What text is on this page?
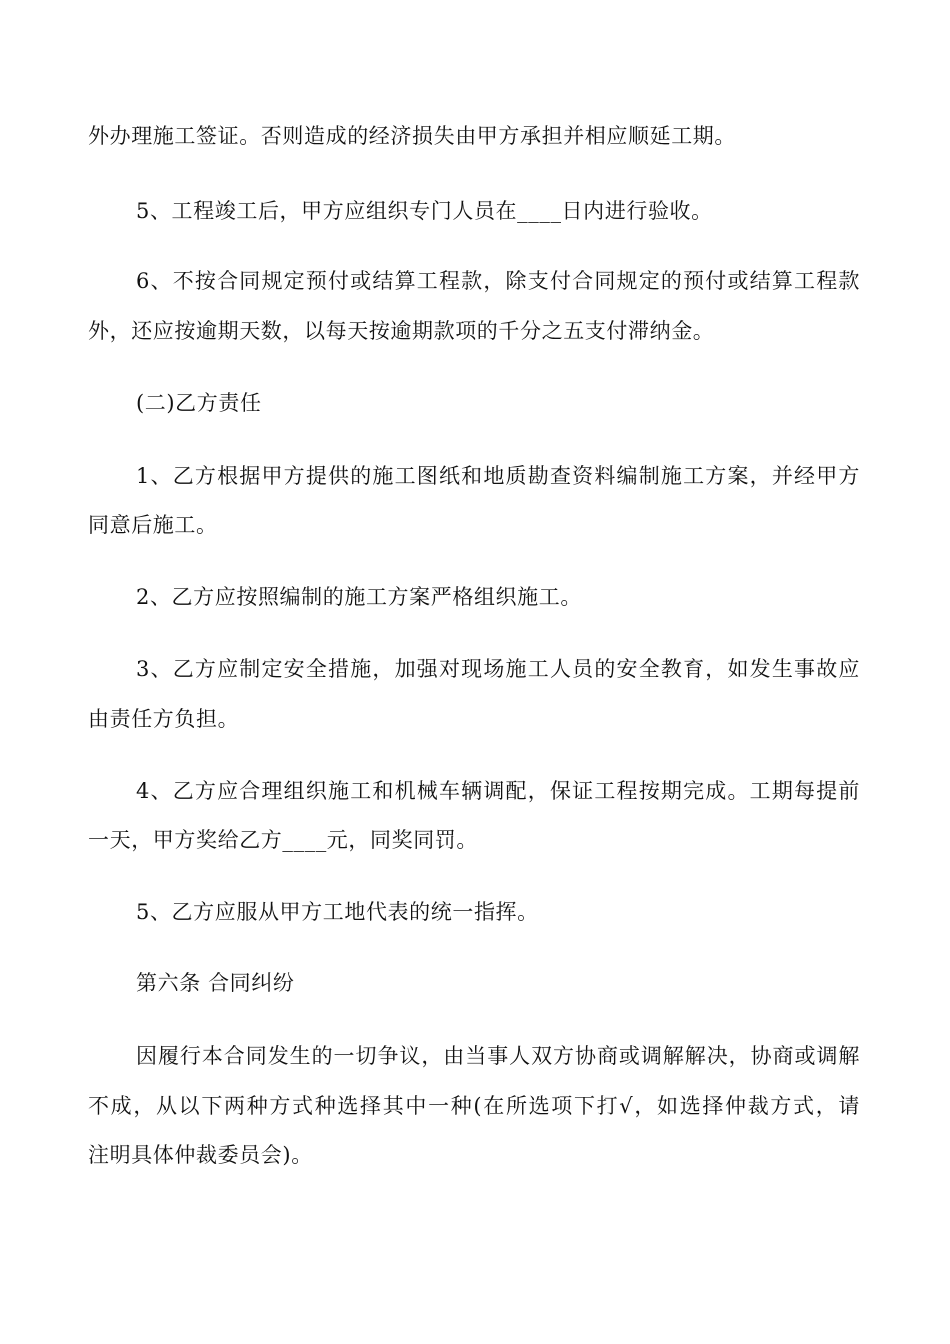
外办理施工签证。否则造成的经济损失由甲方承担并相应顺延工期。
5、工程竣工后，甲方应组织专门人员在____日内进行验收。
6、不按合同规定预付或结算工程款，除支付合同规定的预付或结算工程款
外，还应按逾期天数，以每天按逾期款项的千分之五支付滞纳金。
(二)乙方责任
1、乙方根据甲方提供的施工图纸和地质勘查资料编制施工方案，并经甲方
同意后施工。
2、乙方应按照编制的施工方案严格组织施工。
3、乙方应制定安全措施，加强对现场施工人员的安全教育，如发生事故应
由责任方负担。
4、乙方应合理组织施工和机械车辆调配，保证工程按期完成。工期每提前
一天，甲方奖给乙方____元，同奖同罚。
5、乙方应服从甲方工地代表的统一指挥。
第六条 合同纠纷
因履行本合同发生的一切争议，由当事人双方协商或调解解决，协商或调解
不成，从以下两种方式种选择其中一种(在所选项下打√，如选择仲裁方式，请
注明具体仲裁委员会)。
